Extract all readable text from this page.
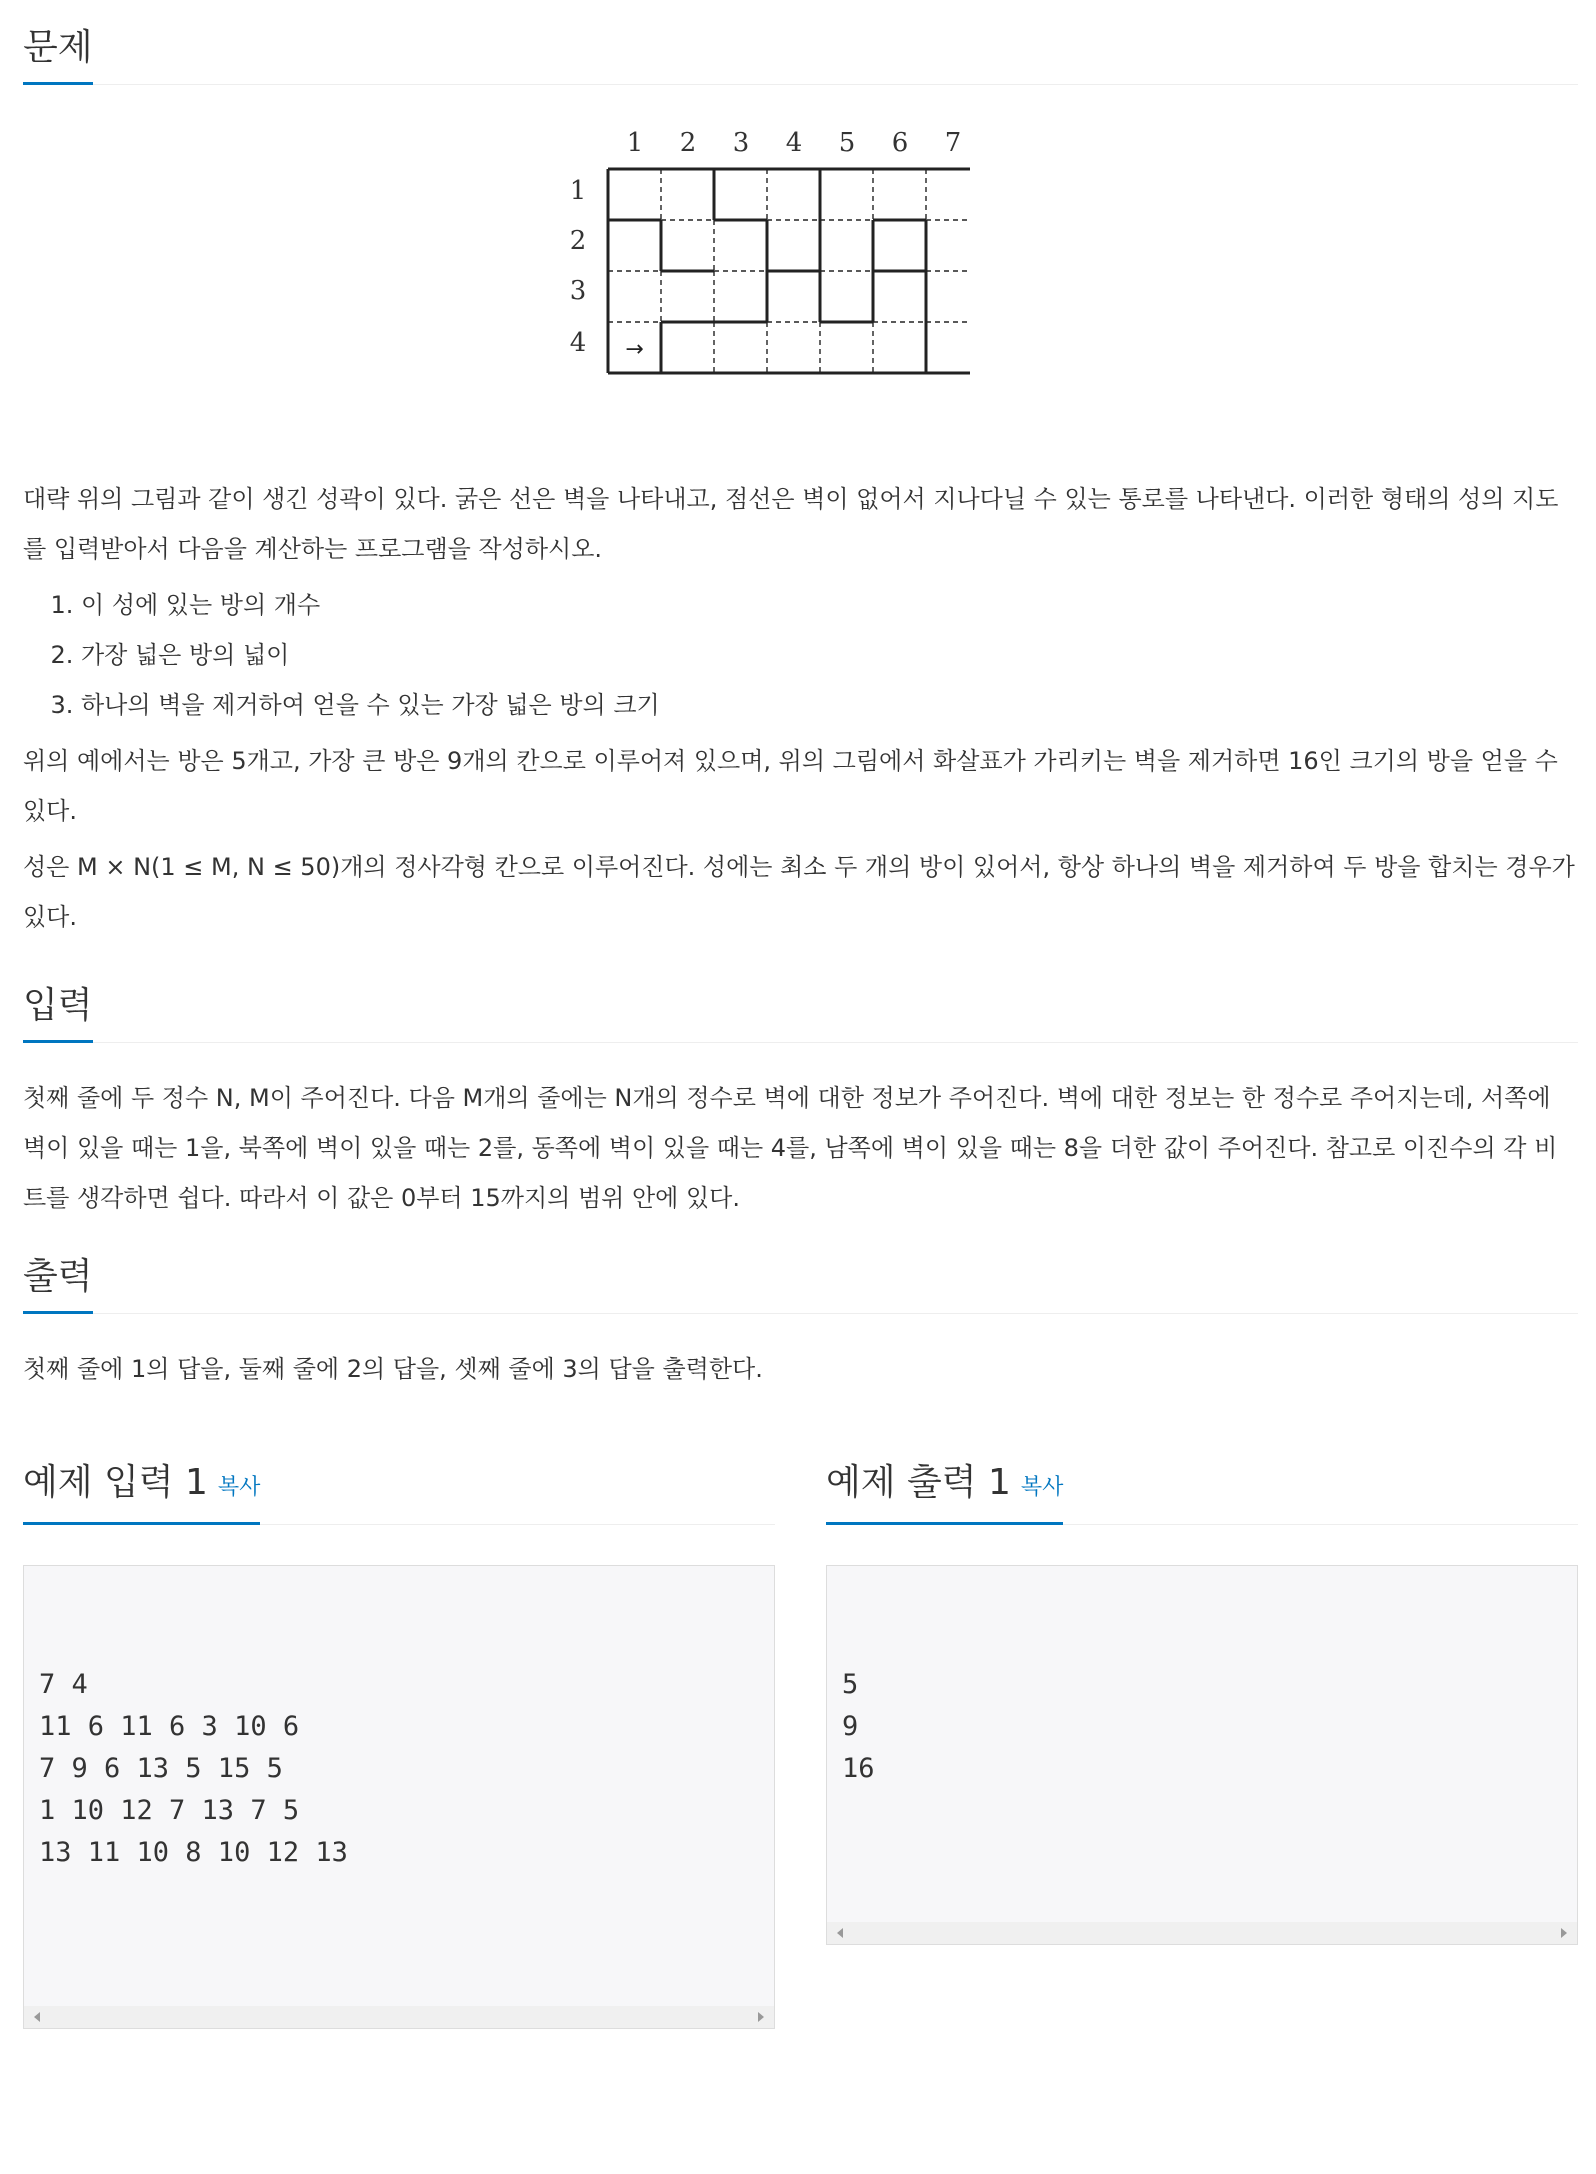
문제
1 2 3 4 5 6 7
1
2
3
4 →

대략 위의 그림과 같이 생긴 성곽이 있다. 굵은 선은 벽을 나타내고, 점선은 벽이 없어서 지나다닐 수 있는 통로를 나타낸다. 이러한 형태의 성의 지도를 입력받아서 다음을 계산하는 프로그램을 작성하시오.

1. 이 성에 있는 방의 개수
2. 가장 넓은 방의 넓이
3. 하나의 벽을 제거하여 얻을 수 있는 가장 넓은 방의 크기

위의 예에서는 방은 5개고, 가장 큰 방은 9개의 칸으로 이루어져 있으며, 위의 그림에서 화살표가 가리키는 벽을 제거하면 16인 크기의 방을 얻을 수 있다.

성은 M × N(1 ≤ M, N ≤ 50)개의 정사각형 칸으로 이루어진다. 성에는 최소 두 개의 방이 있어서, 항상 하나의 벽을 제거하여 두 방을 합치는 경우가 있다.

입력

첫째 줄에 두 정수 N, M이 주어진다. 다음 M개의 줄에는 N개의 정수로 벽에 대한 정보가 주어진다. 벽에 대한 정보는 한 정수로 주어지는데, 서쪽에 벽이 있을 때는 1을, 북쪽에 벽이 있을 때는 2를, 동쪽에 벽이 있을 때는 4를, 남쪽에 벽이 있을 때는 8을 더한 값이 주어진다. 참고로 이진수의 각 비트를 생각하면 쉽다. 따라서 이 값은 0부터 15까지의 범위 안에 있다.

출력

첫째 줄에 1의 답을, 둘째 줄에 2의 답을, 셋째 줄에 3의 답을 출력한다.

예제 입력 1 복사

7 4
11 6 11 6 3 10 6
7 9 6 13 5 15 5
1 10 12 7 13 7 5
13 11 10 8 10 12 13

예제 출력 1 복사

5
9
16
